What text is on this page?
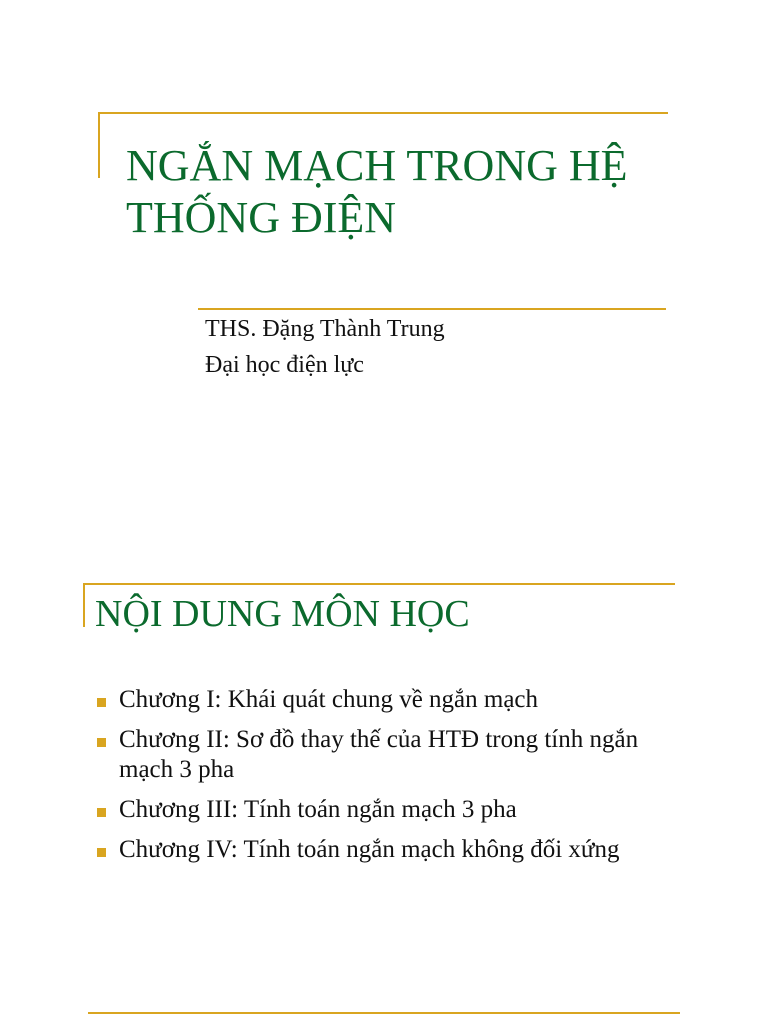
NGẮN MẠCH TRONG HỆ
THỐNG ĐIỆN

THS. Đặng Thành Trung

Đại học điện lực

NỘI DUNG MÔN HỌC
Chương I: Khái quát chung về ngắn mạch
Chương II: Sơ đồ thay thế của HTĐ trong tính ngắn mạch 3 pha
Chương III: Tính toán ngắn mạch 3 pha
Chương IV: Tính toán ngắn mạch không đối xứng
